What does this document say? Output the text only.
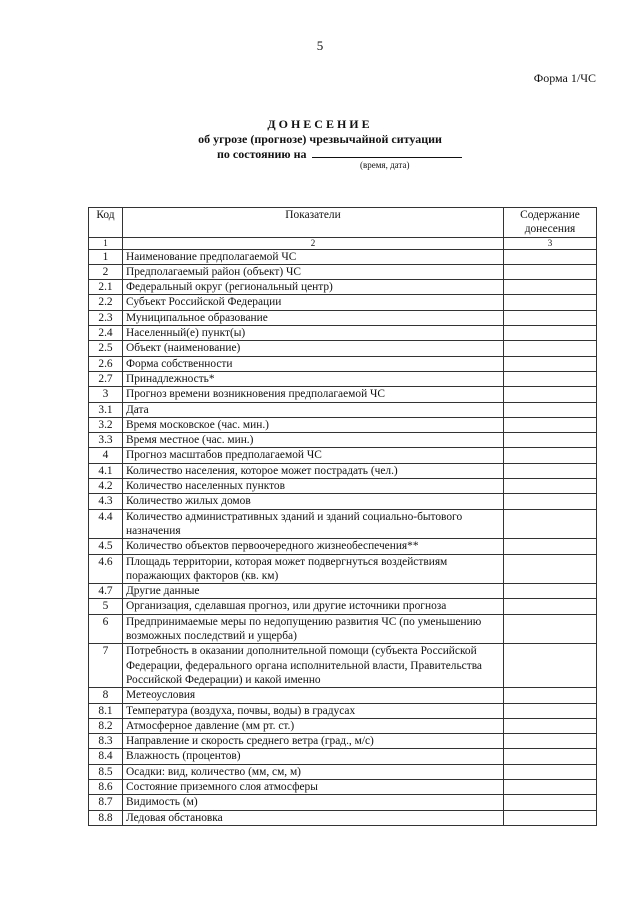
5
Форма 1/ЧС
ДОНЕСЕНИЕ
об угрозе (прогнозе) чрезвычайной ситуации
по состоянию на
(время, дата)
Код	Показатели	Содержание донесения
1	2	3
1	Наименование предполагаемой ЧС	
2	Предполагаемый район (объект) ЧС	
2.1	Федеральный округ (региональный центр)	
2.2	Субъект Российской Федерации	
2.3	Муниципальное образование	
2.4	Населенный(е) пункт(ы)	
2.5	Объект (наименование)	
2.6	Форма собственности	
2.7	Принадлежность*	
3	Прогноз времени возникновения предполагаемой ЧС	
3.1	Дата	
3.2	Время московское (час. мин.)	
3.3	Время местное (час. мин.)	
4	Прогноз масштабов предполагаемой ЧС	
4.1	Количество населения, которое может пострадать (чел.)	
4.2	Количество населенных пунктов	
4.3	Количество жилых домов	
4.4	Количество административных зданий и зданий социально-бытового назначения	
4.5	Количество объектов первоочередного жизнеобеспечения**	
4.6	Площадь территории, которая может подвергнуться воздействиям поражающих факторов (кв. км)	
4.7	Другие данные	
5	Организация, сделавшая прогноз, или другие источники прогноза	
6	Предпринимаемые меры по недопущению развития ЧС (по уменьшению возможных последствий и ущерба)	
7	Потребность в оказании дополнительной помощи (субъекта Российской Федерации, федерального органа исполнительной власти, Правительства Российской Федерации) и какой именно	
8	Метеоусловия	
8.1	Температура (воздуха, почвы, воды) в градусах	
8.2	Атмосферное давление (мм рт. ст.)	
8.3	Направление и скорость среднего ветра (град., м/с)	
8.4	Влажность (процентов)	
8.5	Осадки: вид, количество (мм, см, м)	
8.6	Состояние приземного слоя атмосферы	
8.7	Видимость (м)	
8.8	Ледовая обстановка	
